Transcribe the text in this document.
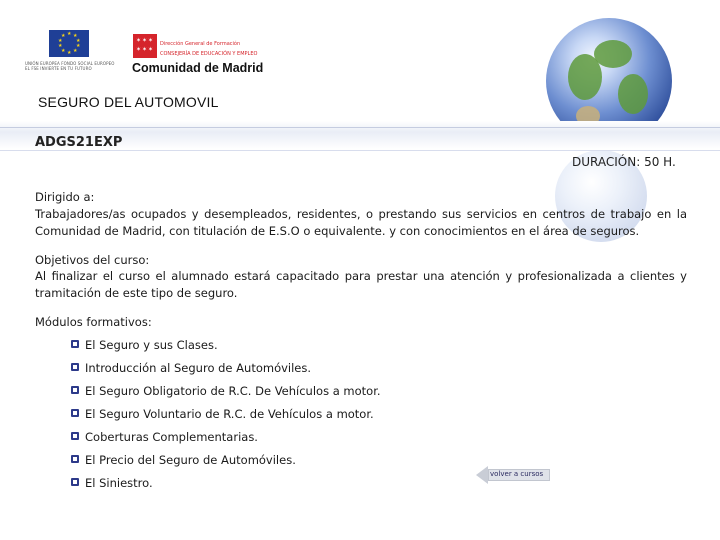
★ ★
★
★
★
★
★
★
★
★
UNIÓN EUROPEA FONDO SOCIAL EUROPEO EL FSE INVIERTE EN TU FUTURO
✶ ✶ ✶
✶ ✶ ✶
Dirección General de Formación
CONSEJERÍA DE EDUCACIÓN Y EMPLEO
Comunidad de Madrid
SEGURO DEL AUTOMOVIL
ADGS21EXP
DURACIÓN: 50 H.
Dirigido a:
Trabajadores/as ocupados y desempleados, residentes, o prestando sus servicios en centros de trabajo en la Comunidad de Madrid, con titulación de E.S.O o equivalente. y con conocimientos en el área de seguros.
Objetivos del curso:
Al finalizar el curso el alumnado estará capacitado para prestar una atención y profesionalizada a clientes y tramitación de este tipo de seguro.
Módulos formativos:
El Seguro y sus Clases.
Introducción al Seguro de Automóviles.
El Seguro Obligatorio de R.C. De Vehículos a motor.
El Seguro Voluntario de R.C. de Vehículos a motor.
Coberturas Complementarias.
El Precio del Seguro de Automóviles.
El Siniestro.
volver a cursos
